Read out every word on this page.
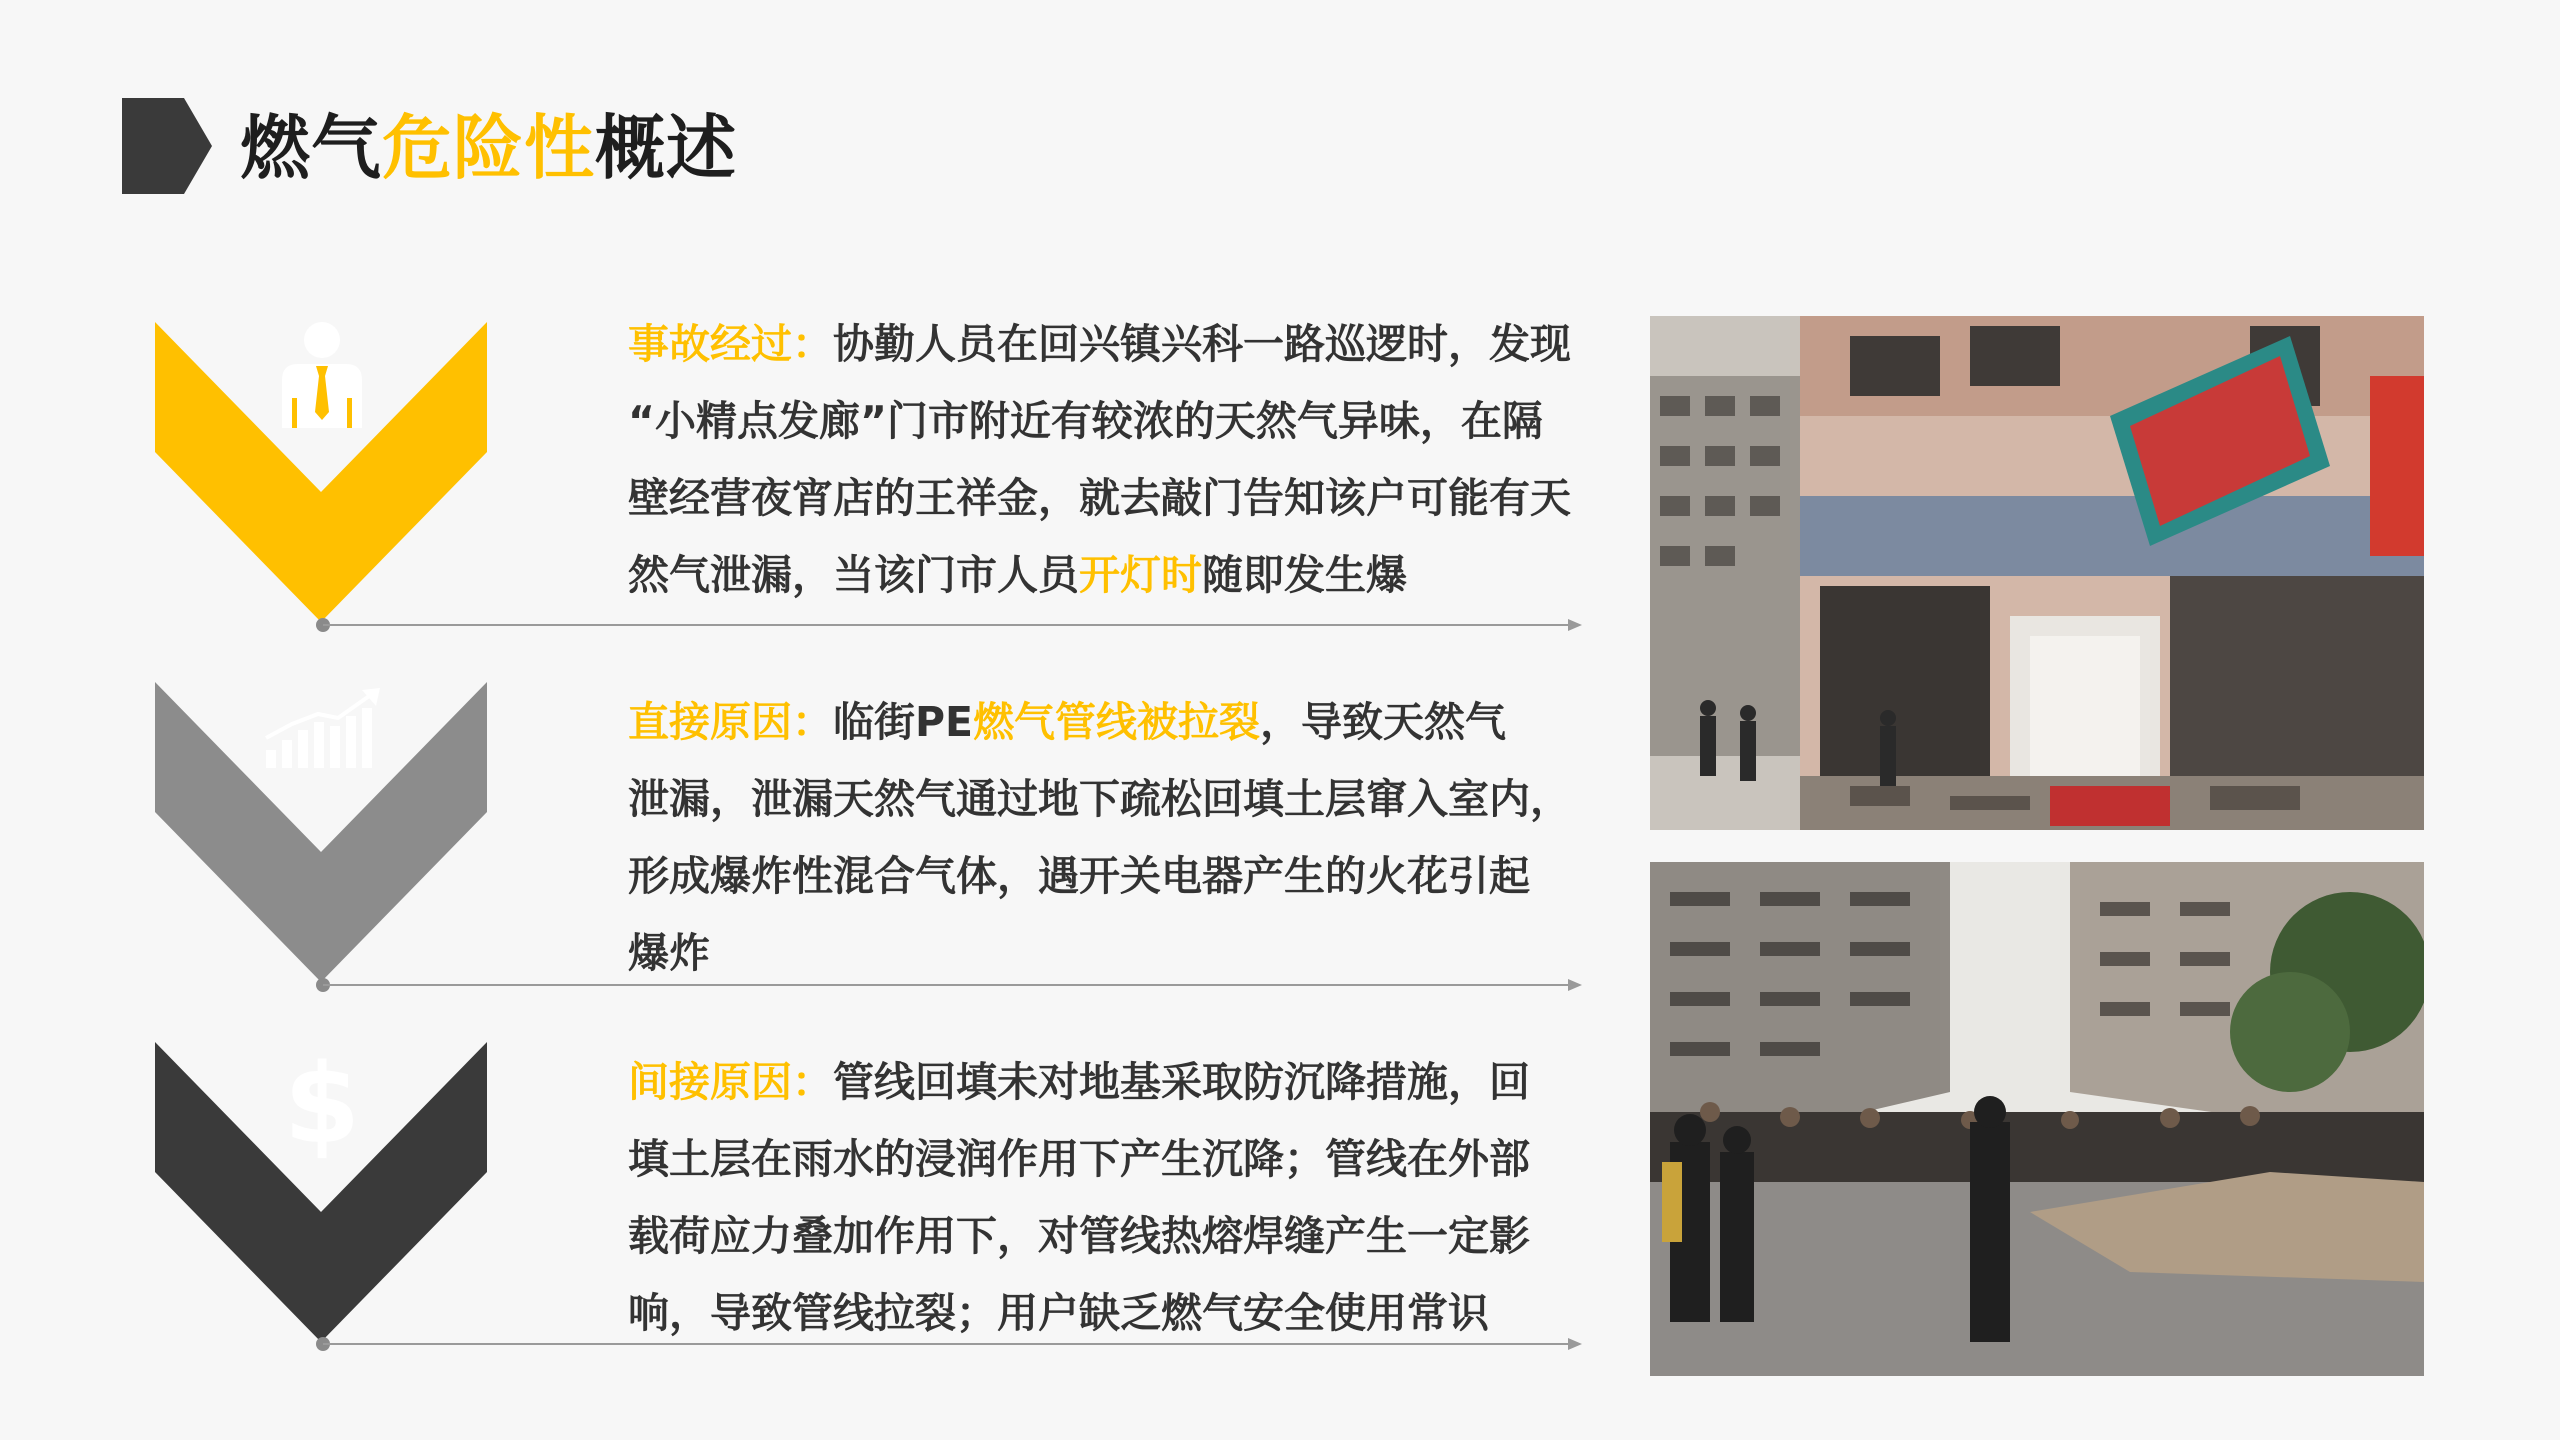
燃气危险性概述
$
事故经过：协勤人员在回兴镇兴科一路巡逻时，发现
“小精点发廊”门市附近有较浓的天然气异味，在隔
壁经营夜宵店的王祥金，就去敲门告知该户可能有天
然气泄漏，当该门市人员开灯时随即发生爆
直接原因：临街PE燃气管线被拉裂，导致天然气
泄漏，泄漏天然气通过地下疏松回填土层窜入室内，
形成爆炸性混合气体，遇开关电器产生的火花引起
爆炸
间接原因：管线回填未对地基采取防沉降措施，回
填土层在雨水的浸润作用下产生沉降；管线在外部
载荷应力叠加作用下，对管线热熔焊缝产生一定影
响，导致管线拉裂；用户缺乏燃气安全使用常识
